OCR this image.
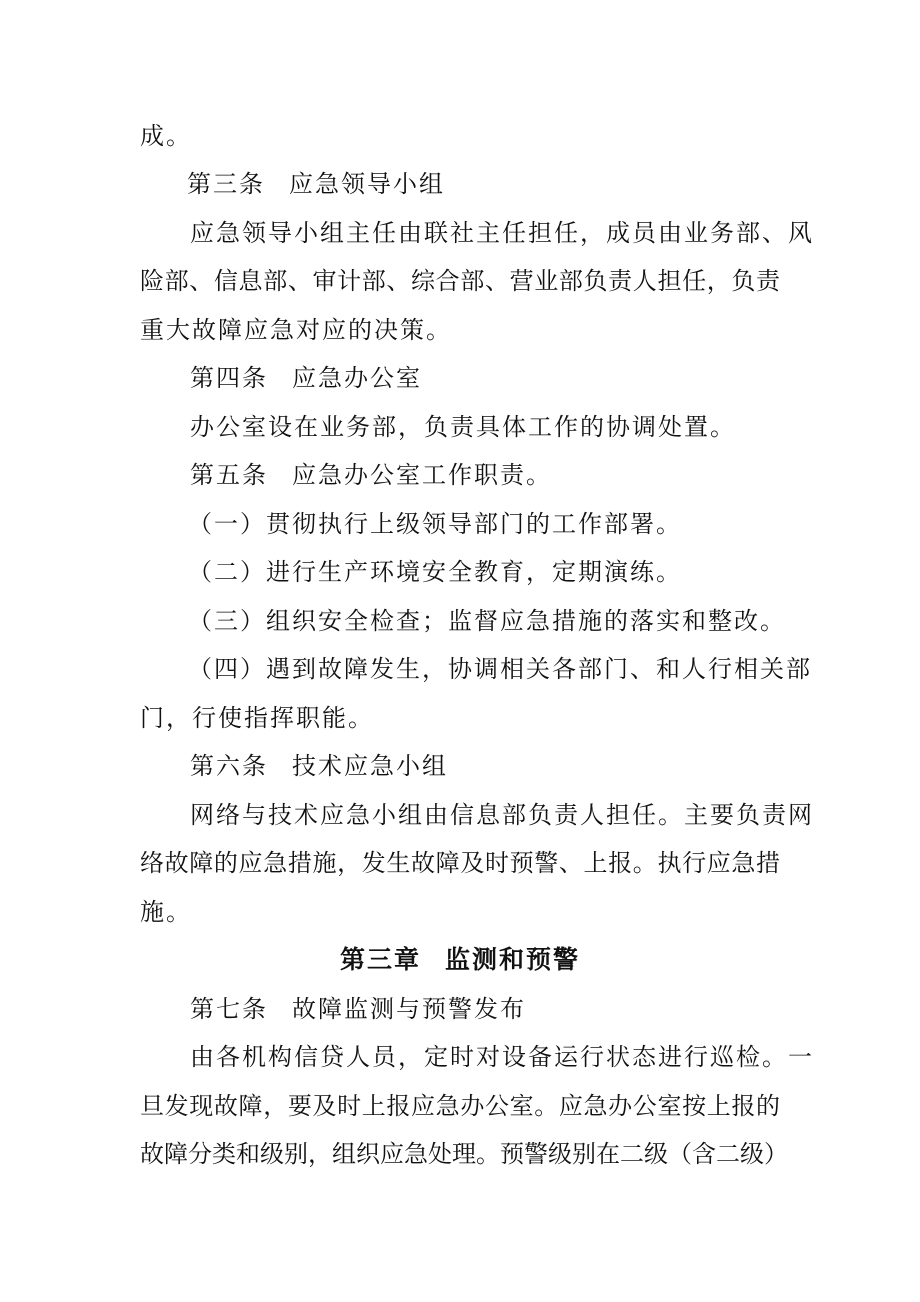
成。
第三条 应急领导小组
应急领导小组主任由联社主任担任，成员由业务部、风
险部、信息部、审计部、综合部、营业部负责人担任，负责
重大故障应急对应的决策。
第四条 应急办公室
办公室设在业务部，负责具体工作的协调处置。
第五条 应急办公室工作职责。
（一）贯彻执行上级领导部门的工作部署。
（二）进行生产环境安全教育，定期演练。
（三）组织安全检查；监督应急措施的落实和整改。
（四）遇到故障发生，协调相关各部门、和人行相关部
门，行使指挥职能。
第六条 技术应急小组
网络与技术应急小组由信息部负责人担任。主要负责网
络故障的应急措施，发生故障及时预警、上报。执行应急措
施。
第三章 监测和预警
第七条 故障监测与预警发布
由各机构信贷人员，定时对设备运行状态进行巡检。一
旦发现故障，要及时上报应急办公室。应急办公室按上报的
故障分类和级别，组织应急处理。预警级别在二级（含二级）
